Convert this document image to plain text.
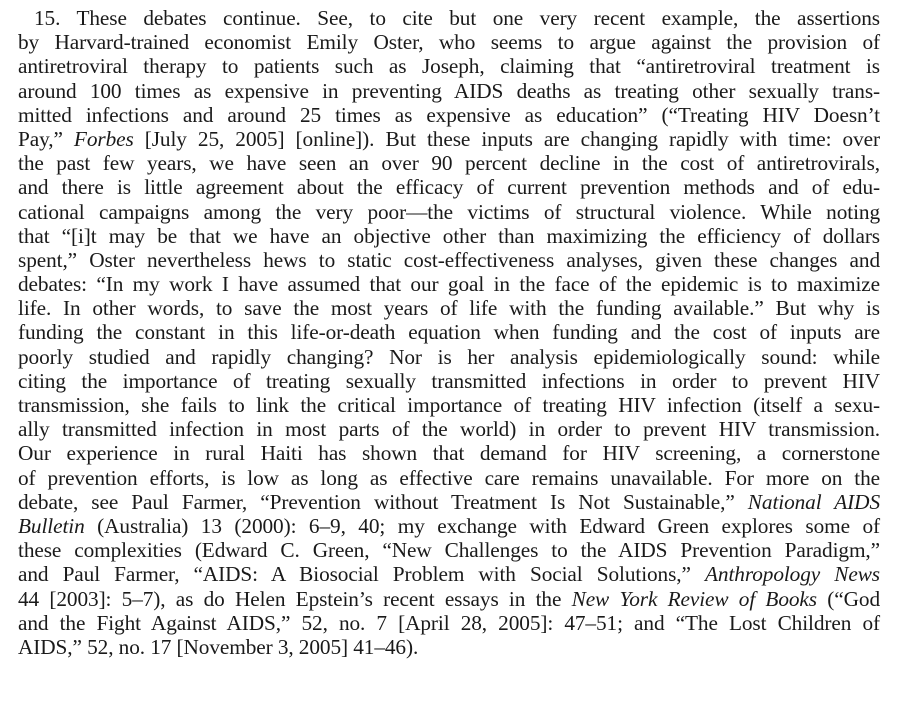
15. These debates continue. See, to cite but one very recent example, the assertions
by Harvard-trained economist Emily Oster, who seems to argue against the provision of
antiretroviral therapy to patients such as Joseph, claiming that “antiretroviral treatment is
around 100 times as expensive in preventing AIDS deaths as treating other sexually trans-
mitted infections and around 25 times as expensive as education” (“Treating HIV Doesn’t
Pay,” Forbes [July 25, 2005] [online]). But these inputs are changing rapidly with time: over
the past few years, we have seen an over 90 percent decline in the cost of antiretrovirals,
and there is little agreement about the efficacy of current prevention methods and of edu-
cational campaigns among the very poor—the victims of structural violence. While noting
that “[i]t may be that we have an objective other than maximizing the efficiency of dollars
spent,” Oster nevertheless hews to static cost-effectiveness analyses, given these changes and
debates: “In my work I have assumed that our goal in the face of the epidemic is to maximize
life. In other words, to save the most years of life with the funding available.” But why is
funding the constant in this life-or-death equation when funding and the cost of inputs are
poorly studied and rapidly changing? Nor is her analysis epidemiologically sound: while
citing the importance of treating sexually transmitted infections in order to prevent HIV
transmission, she fails to link the critical importance of treating HIV infection (itself a sexu-
ally transmitted infection in most parts of the world) in order to prevent HIV transmission.
Our experience in rural Haiti has shown that demand for HIV screening, a cornerstone
of prevention efforts, is low as long as effective care remains unavailable. For more on the
debate, see Paul Farmer, “Prevention without Treatment Is Not Sustainable,” National AIDS
Bulletin (Australia) 13 (2000): 6–9, 40; my exchange with Edward Green explores some of
these complexities (Edward C. Green, “New Challenges to the AIDS Prevention Paradigm,”
and Paul Farmer, “AIDS: A Biosocial Problem with Social Solutions,” Anthropology News
44 [2003]: 5–7), as do Helen Epstein’s recent essays in the New York Review of Books (“God
and the Fight Against AIDS,” 52, no. 7 [April 28, 2005]: 47–51; and “The Lost Children of
AIDS,” 52, no. 17 [November 3, 2005] 41–46).
